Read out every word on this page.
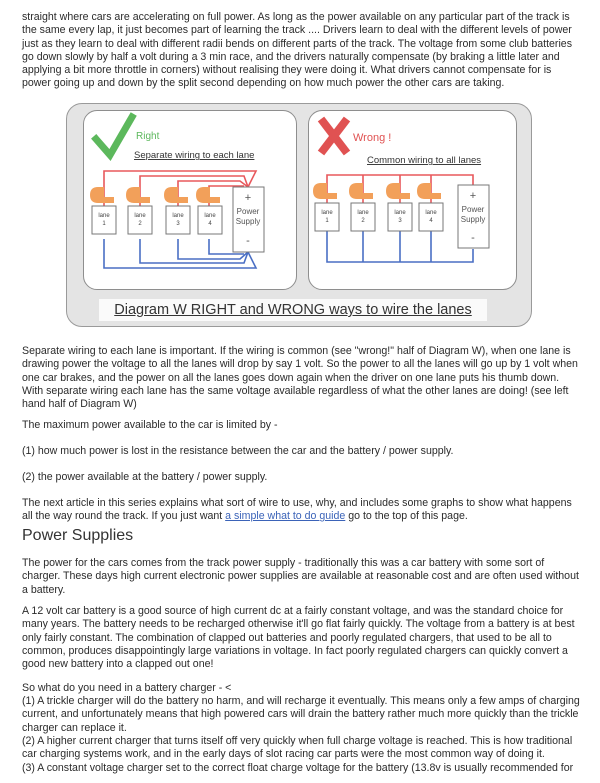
straight where cars are accelerating on full power. As long as the power available on any particular part of the track is the same every lap, it just becomes part of learning the track .... Drivers learn to deal with the different levels of power just as they learn to deal with different radii bends on different parts of the track. The voltage from some club batteries go down slowly by half a volt during a 3 min race, and the drivers naturally compensate (by braking a little later and applying a bit more throttle in corners) without realising they were doing it. What drivers cannot compensate for is power going up and down by the split second depending on how much power the other cars are taking.

Right
Separate wiring to each lane
lane
1
lane
2
lane
3
lane
4
+
Power
Supply
-
Wrong !
Common wiring to all lanes
lane
1
lane
2
lane
3
lane
4
+
Power
Supply
-
Diagram W RIGHT and WRONG ways to wire the lanes

Separate wiring to each lane is important. If the wiring is common (see "wrong!" half of Diagram W), when one lane is drawing power the voltage to all the lanes will drop by say 1 volt. So the power to all the lanes will go up by 1 volt when one car brakes, and the power on all the lanes goes down again when the driver on one lane puts his thumb down. With separate wiring each lane has the same voltage available regardless of what the other lanes are doing! (see left hand half of Diagram W)

The maximum power available to the car is limited by -

(1) how much power is lost in the resistance between the car and the battery / power supply.

(2) the power available at the battery / power supply.

The next article in this series explains what sort of wire to use, why, and includes some graphs to show what happens all the way round the track. If you just want a simple what to do guide go to the top of this page.

Power Supplies

The power for the cars comes from the track power supply - traditionally this was a car battery with some sort of charger. These days high current electronic power supplies are available at reasonable cost and are often used without a battery.

A 12 volt car battery is a good source of high current dc at a fairly constant voltage, and was the standard choice for many years. The battery needs to be recharged otherwise it'll go flat fairly quickly. The voltage from a battery is at best only fairly constant. The combination of clapped out batteries and poorly regulated chargers, that used to be all to common, produces disappointingly large variations in voltage. In fact poorly regulated chargers can quickly convert a good new battery into a clapped out one!

So what do you need in a battery charger - <

(1) A trickle charger will do the battery no harm, and will recharge it eventually. This means only a few amps of charging current, and unfortunately means that high powered cars will drain the battery rather much more quickly than the trickle charger can replace it.

(2) A higher current charger that turns itself off very quickly when full charge voltage is reached. This is how traditional car charging systems work, and in the early days of slot racing car parts were the most common way of doing it.

(3) A constant voltage charger set to the correct float charge voltage for the battery (13.8v is usually recommended for
